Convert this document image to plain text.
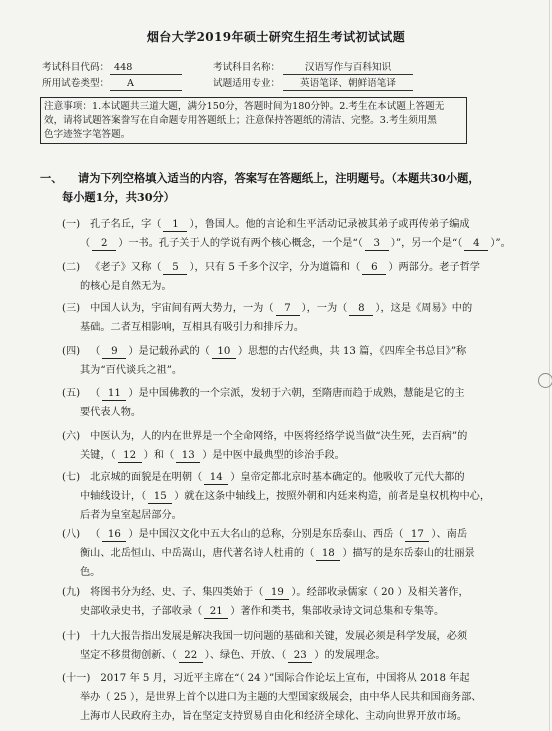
烟台大学2019年硕士研究生招生考试初试试题
考试科目代码： 448	考试科目名称：	汉语写作与百科知识
所用试卷类型：	A	试题适用专业：	英语笔译、朝鲜语笔译
注意事项：1.本试题共三道大题，满分150分，答题时间为180分钟。2.考生在本试题上答题无
效，请将试题答案誊写在自命题专用答题纸上；注意保持答题纸的清洁、完整。3.考生须用黑
色字迹签字笔答题。
一、 请为下列空格填入适当的内容，答案写在答题纸上，注明题号。（本题共30小题，
每小题1分，共30分）
(一) 孔子名丘，字（ 1 ），鲁国人。他的言论和生平活动记录被其弟子或再传弟子编成
（ 2 ）一书。孔子关于人的学说有两个核心概念，一个是“（ 3 ）”，另一个是“（ 4 ）”。
(二) 《老子》又称（ 5 ），只有 5 千多个汉字，分为道篇和（ 6 ）两部分。老子哲学
的核心是自然无为。
(三) 中国人认为，宇宙间有两大势力，一为（ 7 ），一为（ 8 ），这是《周易》中的
基础。二者互相影响，互相具有吸引力和排斥力。
(四) （ 9 ）是记载孙武的（ 10 ）思想的古代经典，共 13 篇，《四库全书总目》”称
其为“百代谈兵之祖”。
(五) （ 11 ）是中国佛教的一个宗派，发轫于六朝，至隋唐而趋于成熟，慧能是它的主
要代表人物。
(六) 中医认为，人的内在世界是一个全命网络，中医将经络学说当做“决生死，去百病”的
关键，（ 12 ）和（ 13 ）是中医中最典型的诊治手段。
(七) 北京城的面貌是在明朝（ 14 ）皇帝定都北京时基本确定的。他吸收了元代大都的
中轴线设计，（ 15 ）就在这条中轴线上，按照外朝和内廷来构造，前者是皇权机构中心，
后者为皇室起居部分。
(八) （ 16 ）是中国汉文化中五大名山的总称，分别是东岳泰山、西岳（ 17 ）、南岳
衡山、北岳恒山、中岳嵩山，唐代著名诗人杜甫的（ 18 ）描写的是东岳泰山的壮丽景
色。
(九) 将图书分为经、史、子、集四类始于（ 19 ）。经部收录儒家（ 20 ）及相关著作，
史部收录史书，子部收录（ 21 ）著作和类书，集部收录诗文词总集和专集等。
(十) 十九大报告指出发展是解决我国一切问题的基础和关键，发展必须是科学发展，必须
坚定不移贯彻创新、（ 22 ）、绿色、开放、（ 23 ）的发展理念。
(十一) 2017 年 5 月，习近平主席在“（ 24 ）”国际合作论坛上宣布，中国将从 2018 年起
举办（ 25 ），是世界上首个以进口为主题的大型国家级展会，由中华人民共和国商务部、
上海市人民政府主办，旨在坚定支持贸易自由化和经济全球化、主动向世界开放市场。
